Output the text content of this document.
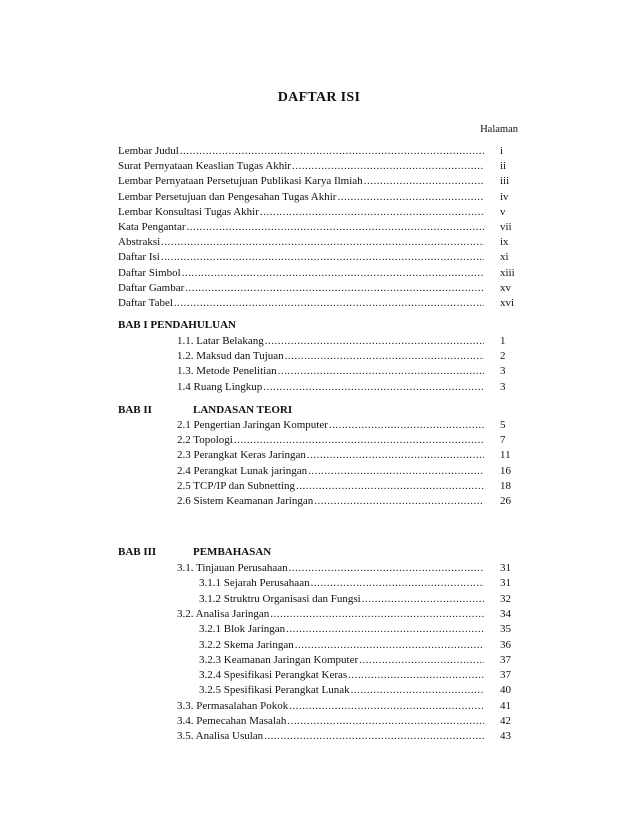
DAFTAR ISI
Halaman
Lembar Judul .....	i
Surat Pernyataan Keaslian Tugas Akhir .....	ii
Lembar Pernyataan Persetujuan Publikasi Karya Ilmiah .....	iii
Lembar Persetujuan dan Pengesahan Tugas Akhir .....	iv
Lembar Konsultasi Tugas Akhir .....	v
Kata Pengantar .....	vii
Abstraksi .....	ix
Daftar Isi .....	xi
Daftar Simbol .....	xiii
Daftar Gambar .....	xv
Daftar Tabel .....	xvi
BAB I PENDAHULUAN
1.1. Latar Belakang .....	1
1.2. Maksud dan Tujuan .....	2
1.3. Metode Penelitian .....	3
1.4 Ruang Lingkup .....	3
BAB II	LANDASAN TEORI
2.1 Pengertian Jaringan Komputer .....	5
2.2 Topologi .....	7
2.3 Perangkat Keras Jaringan .....	11
2.4 Perangkat Lunak jaringan .....	16
2.5 TCP/IP dan Subnetting .....	18
2.6 Sistem Keamanan Jaringan .....	26
BAB III	PEMBAHASAN
3.1. Tinjauan Perusahaan .....	31
3.1.1 Sejarah Perusahaan .....	31
3.1.2 Struktru Organisasi dan Fungsi .....	32
3.2. Analisa Jaringan .....	34
3.2.1 Blok Jaringan .....	35
3.2.2 Skema Jaringan .....	36
3.2.3 Keamanan Jaringan Komputer .....	37
3.2.4 Spesifikasi Perangkat Keras .....	37
3.2.5 Spesifikasi Perangkat Lunak .....	40
3.3. Permasalahan Pokok .....	41
3.4. Pemecahan Masalah .....	42
3.5. Analisa Usulan .....	43
